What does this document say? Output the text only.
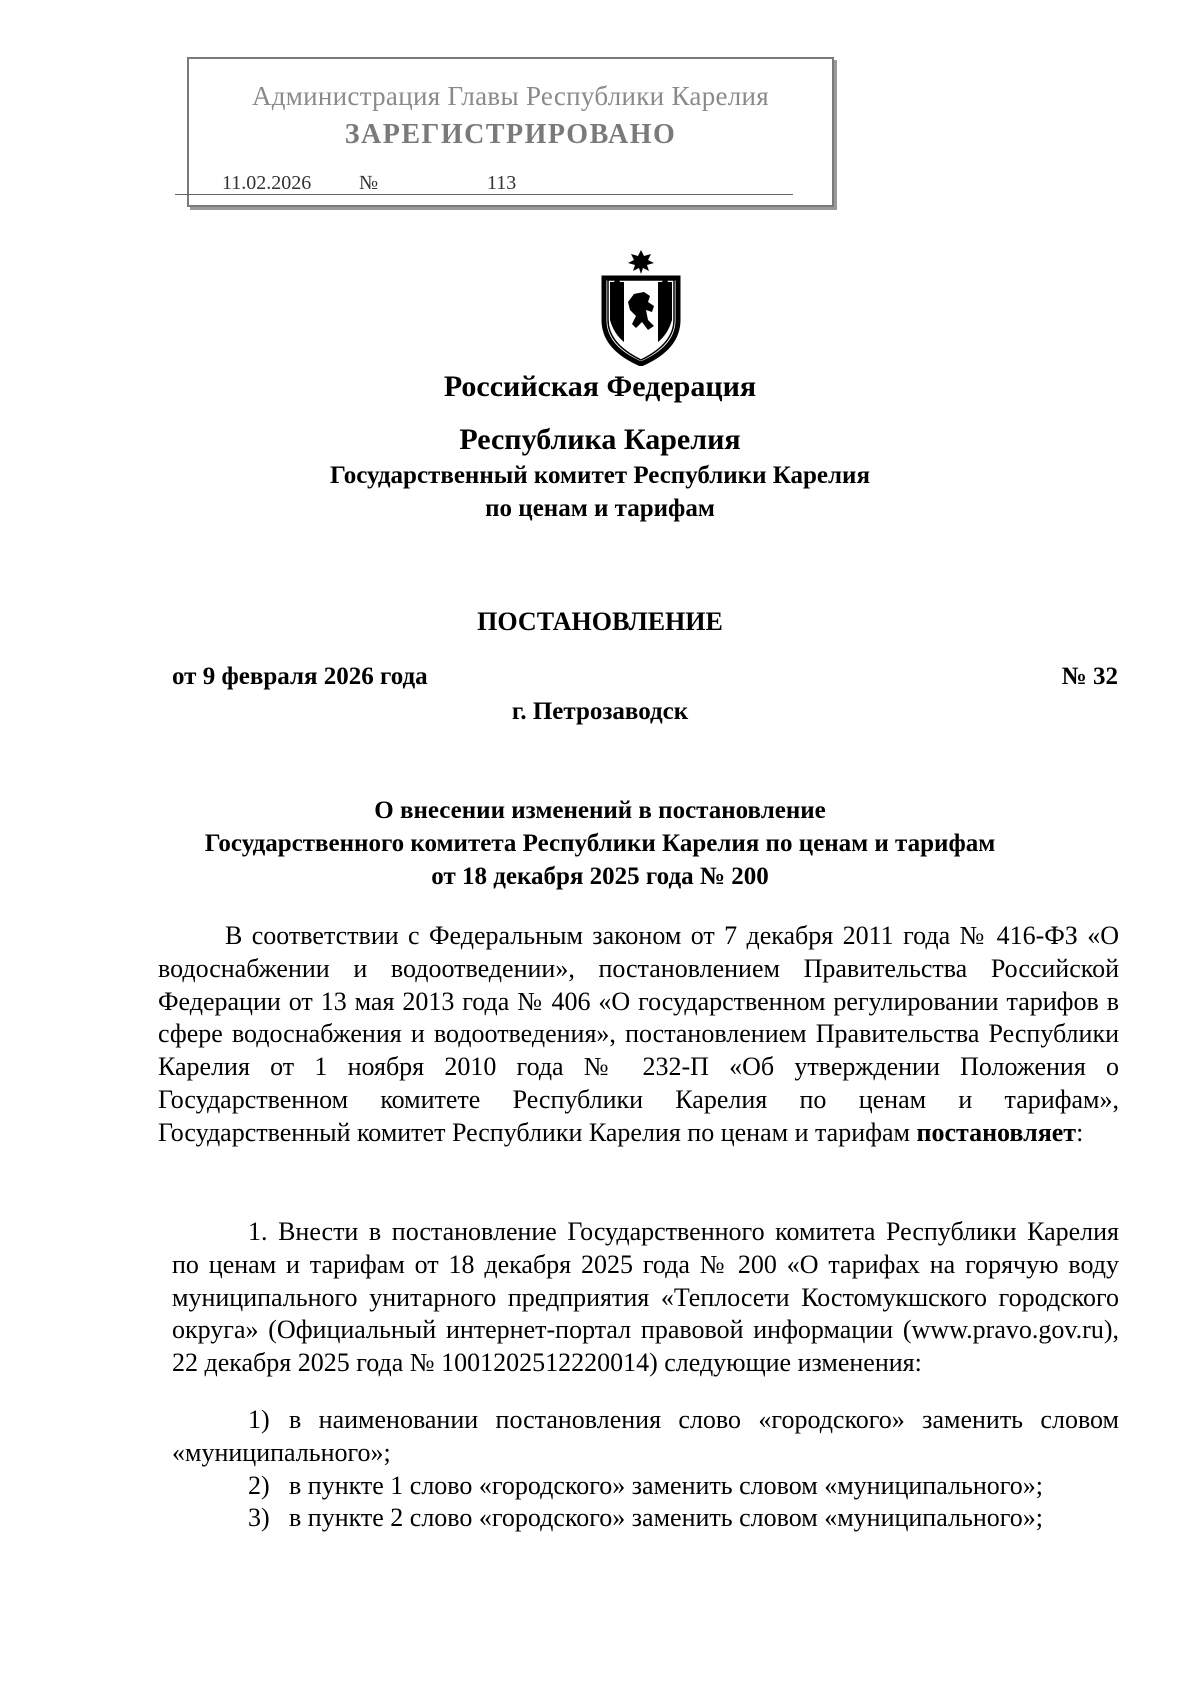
Администрация Главы Республики Карелия
ЗАРЕГИСТРИРОВАНО
11.02.2026 №	113
Российская Федерация
Республика Карелия
Государственный комитет Республики Карелия
по ценам и тарифам
ПОСТАНОВЛЕНИЕ
от 9 февраля 2026 года	№ 32
г. Петрозаводск
О внесении изменений в постановление
Государственного комитета Республики Карелия по ценам и тарифам
от 18 декабря 2025 года № 200

В соответствии с Федеральным законом от 7 декабря 2011 года № 416-ФЗ «О водоснабжении и водоотведении», постановлением Правительства Российской Федерации от 13 мая 2013 года № 406 «О государственном регулировании тарифов в сфере водоснабжения и водоотведения», постановлением Правительства Республики Карелия от 1 ноября 2010 года № 232-П «Об утверждении Положения о Государственном комитете Республики Карелия по ценам и тарифам», Государственный комитет Республики Карелия по ценам и тарифам постановляет:

1. Внести в постановление Государственного комитета Республики Карелия по ценам и тарифам от 18 декабря 2025 года № 200 «О тарифах на горячую воду муниципального унитарного предприятия «Теплосети Костомукшского городского округа» (Официальный интернет-портал правовой информации (www.pravo.gov.ru), 22 декабря 2025 года № 1001202512220014) следующие изменения:

1) в наименовании постановления слово «городского» заменить словом «муниципального»;

2) в пункте 1 слово «городского» заменить словом «муниципального»;

3) в пункте 2 слово «городского» заменить словом «муниципального»;
